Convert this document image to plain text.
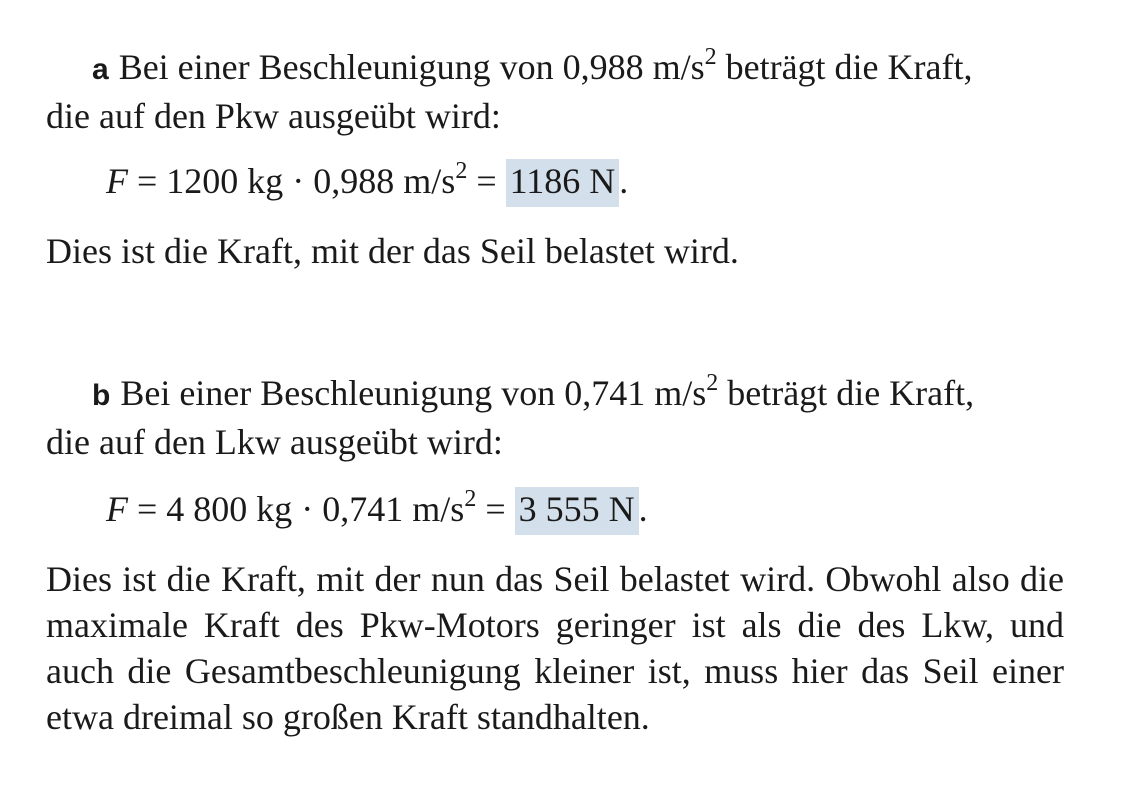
a Bei einer Beschleunigung von 0,988 $m/s^2$ beträgt die Kraft,

die auf den Pkw ausgeübt wird:

F = 1200 kg · 0,988 $m/s^2 = 1186$ N .
Dies ist die Kraft, mit der das Seil belastet wird.

b Bei einer Beschleunigung von 0,741 $m/s^2$ beträgt die Kraft,

die auf den Lkw ausgeübt wird:

F = 4 800 kg · 0,741 $m/s^2 = 3$ 555 N .
Dies ist die Kraft, mit der nun das Seil belastet wird. Obwohl also die maximale Kraft des Pkw-Motors geringer ist als die des Lkw, und auch die Gesamtbeschleunigung kleiner ist, muss hier das Seil einer etwa dreimal so großen Kraft standhalten.
